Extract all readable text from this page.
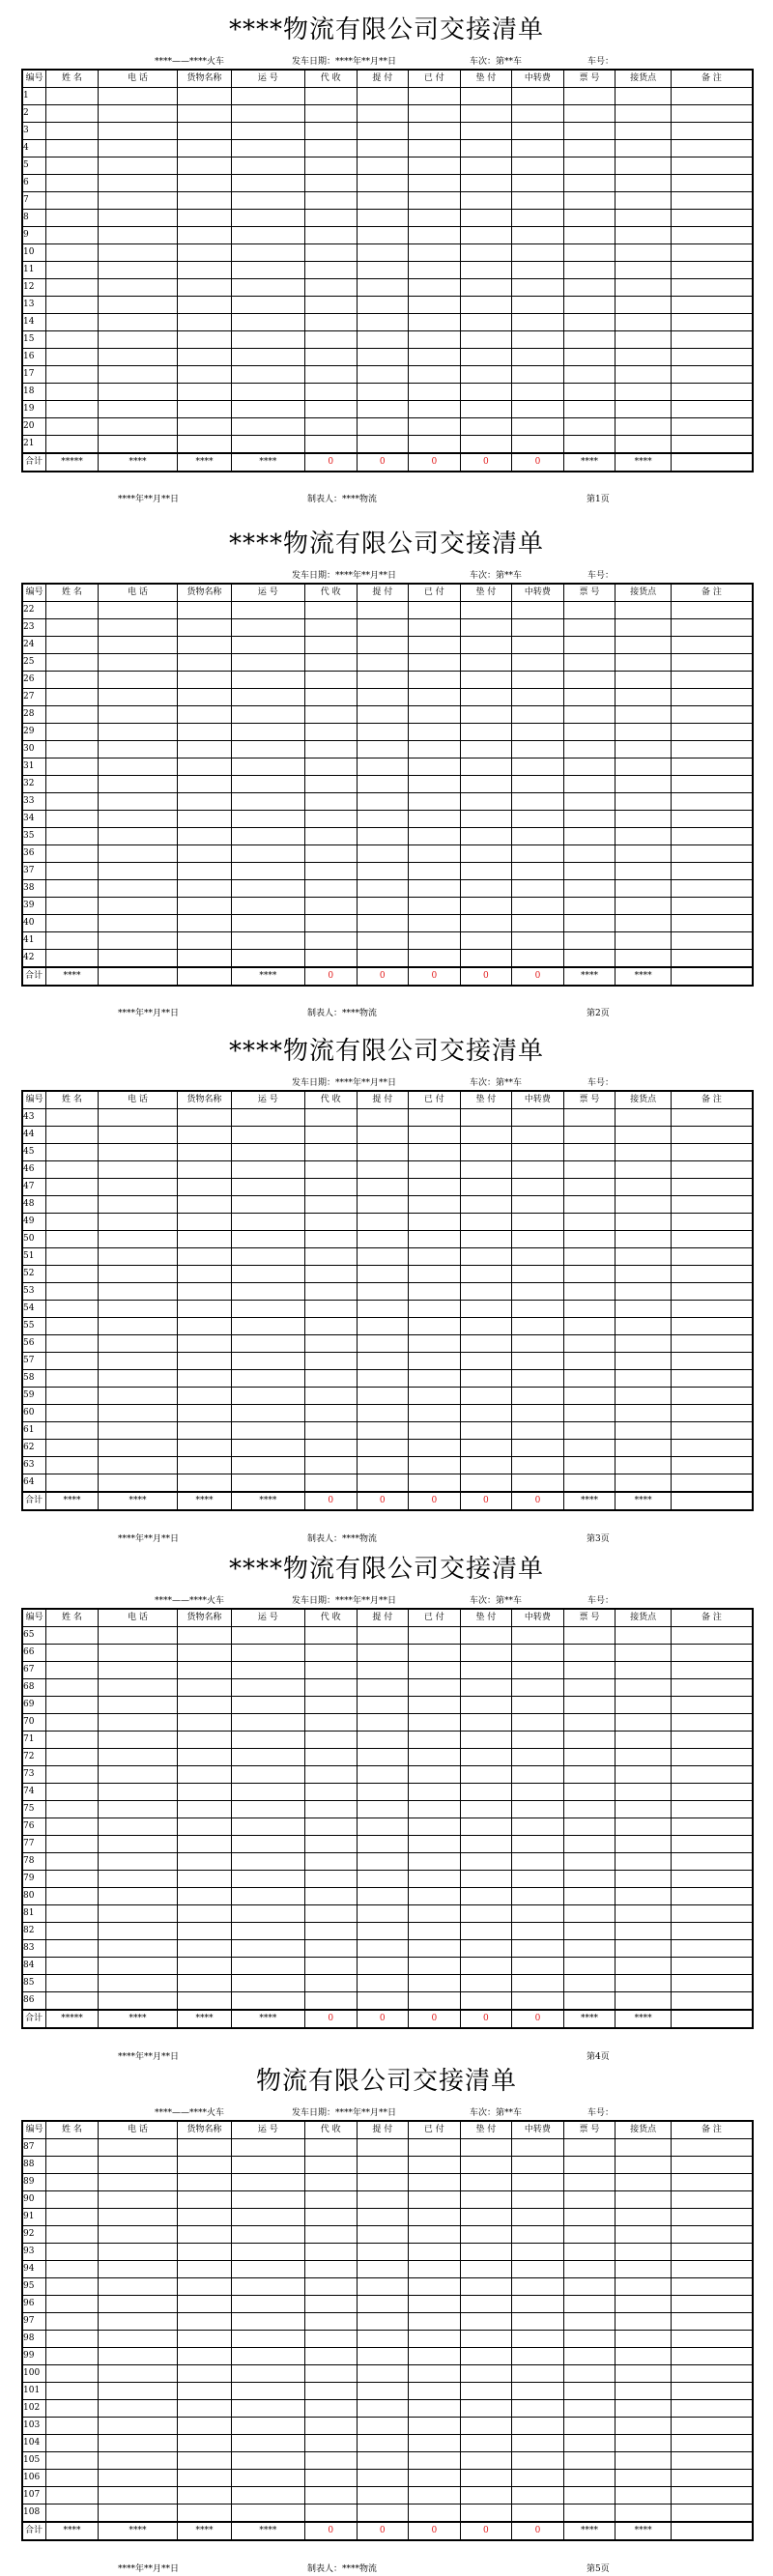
****物流有限公司交接清单
****——****火车	发车日期：****年**月**日	车次：第**车	车号：
编号	姓 名	电 话	货物名称	运 号	代 收	提 付	已 付	垫 付	中转费	票 号	接货点	备 注
1												
2												
3												
4												
5												
6												
7												
8												
9												
10												
11												
12												
13												
14												
15												
16												
17												
18												
19												
20												
21												
合计	*****	****	****	****	0	0	0	0	0	****	****	
****年**月**日	制表人：****物流	第1页
****物流有限公司交接清单
发车日期：****年**月**日	车次：第**车	车号：
编号	姓 名	电 话	货物名称	运 号	代 收	提 付	已 付	垫 付	中转费	票 号	接货点	备 注
22												
23												
24												
25												
26												
27												
28												
29												
30												
31												
32												
33												
34												
35												
36												
37												
38												
39												
40												
41												
42												
合计	****			****	0	0	0	0	0	****	****	
****年**月**日	制表人：****物流	第2页
****物流有限公司交接清单
发车日期：****年**月**日	车次：第**车	车号：
编号	姓 名	电 话	货物名称	运 号	代 收	提 付	已 付	垫 付	中转费	票 号	接货点	备 注
43												
44												
45												
46												
47												
48												
49												
50												
51												
52												
53												
54												
55												
56												
57												
58												
59												
60												
61												
62												
63												
64												
合计	****	****	****	****	0	0	0	0	0	****	****	
****年**月**日	制表人：****物流	第3页
****物流有限公司交接清单
****——****火车	发车日期：****年**月**日	车次：第**车	车号：
编号	姓 名	电 话	货物名称	运 号	代 收	提 付	已 付	垫 付	中转费	票 号	接货点	备 注
65												
66												
67												
68												
69												
70												
71												
72												
73												
74												
75												
76												
77												
78												
79												
80												
81												
82												
83												
84												
85												
86												
合计	*****	****	****	****	0	0	0	0	0	****	****	
****年**月**日	第4页
物流有限公司交接清单
****——****火车	发车日期：****年**月**日	车次：第**车	车号：
编号	姓 名	电 话	货物名称	运 号	代 收	提 付	已 付	垫 付	中转费	票 号	接货点	备 注
87												
88												
89												
90												
91												
92												
93												
94												
95												
96												
97												
98												
99												
100												
101												
102												
103												
104												
105												
106												
107												
108												
合计	****	****	****	****	0	0	0	0	0	****	****	
****年**月**日	制表人：****物流	第5页
